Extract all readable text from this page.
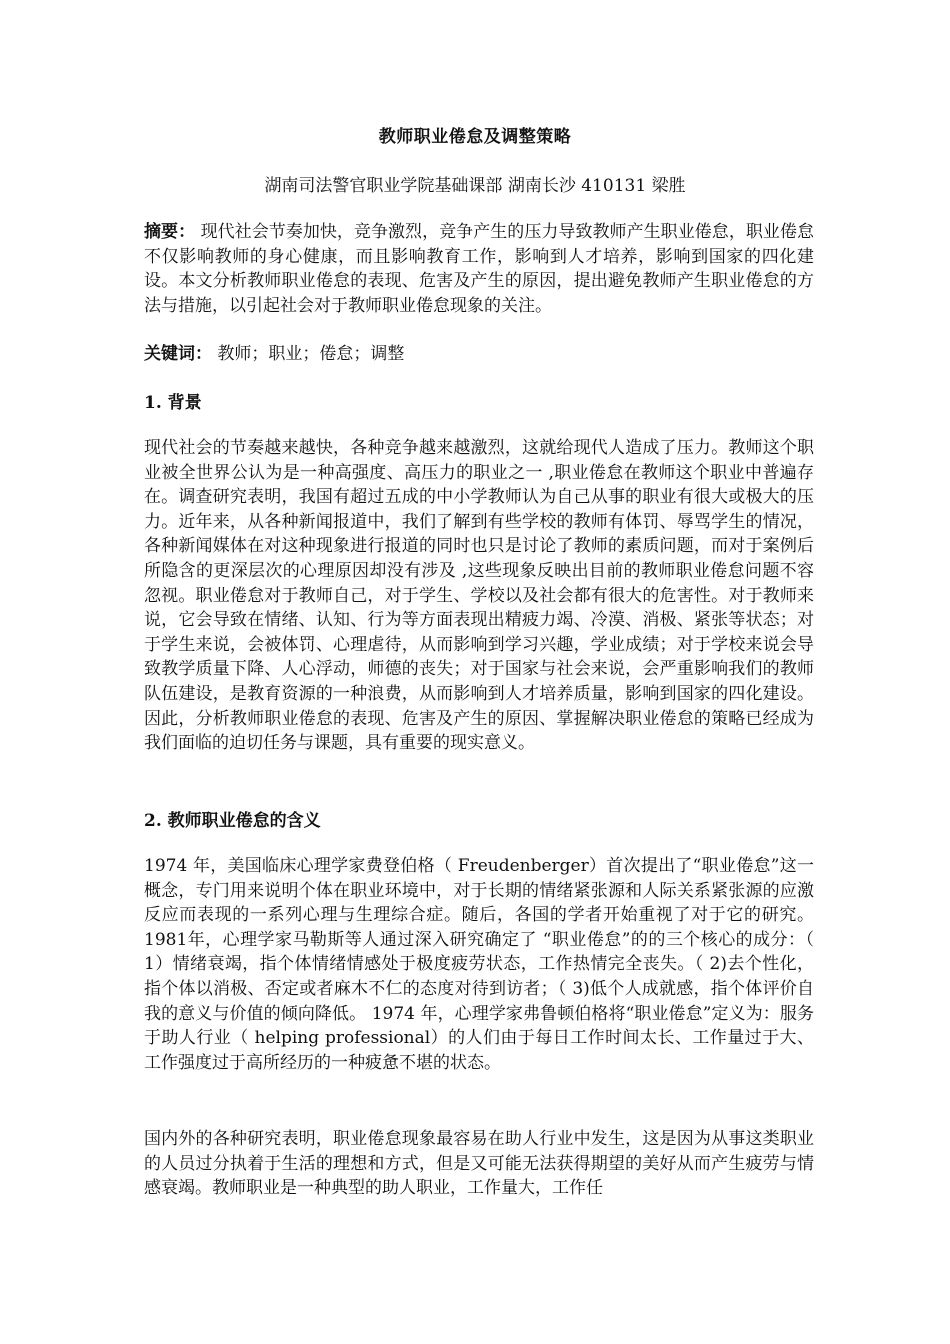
教师职业倦怠及调整策略
湖南司法警官职业学院基础课部 湖南长沙 410131 梁胜
摘要： 现代社会节奏加快，竞争激烈，竞争产生的压力导致教师产生职业倦怠，职业倦怠不仅影响教师的身心健康，而且影响教育工作，影响到人才培养，影响到国家的四化建设。本文分析教师职业倦怠的表现、危害及产生的原因，提出避免教师产生职业倦怠的方法与措施，以引起社会对于教师职业倦怠现象的关注。
关键词： 教师；职业；倦怠；调整
1. 背景
现代社会的节奏越来越快，各种竞争越来越激烈，这就给现代人造成了压力。教师这个职业被全世界公认为是一种高强度、高压力的职业之一 ,职业倦怠在教师这个职业中普遍存在。调查研究表明，我国有超过五成的中小学教师认为自己从事的职业有很大或极大的压力。近年来，从各种新闻报道中，我们了解到有些学校的教师有体罚、辱骂学生的情况，各种新闻媒体在对这种现象进行报道的同时也只是讨论了教师的素质问题，而对于案例后所隐含的更深层次的心理原因却没有涉及 ,这些现象反映出目前的教师职业倦怠问题不容忽视。职业倦怠对于教师自己，对于学生、学校以及社会都有很大的危害性。对于教师来说，它会导致在情绪、认知、行为等方面表现出精疲力竭、冷漠、消极、紧张等状态；对于学生来说，会被体罚、心理虐待，从而影响到学习兴趣，学业成绩；对于学校来说会导致教学质量下降、人心浮动，师德的丧失；对于国家与社会来说，会严重影响我们的教师队伍建设，是教育资源的一种浪费，从而影响到人才培养质量，影响到国家的四化建设。因此，分析教师职业倦怠的表现、危害及产生的原因、掌握解决职业倦怠的策略已经成为我们面临的迫切任务与课题，具有重要的现实意义。
2. 教师职业倦怠的含义
1974 年，美国临床心理学家费登伯格（ Freudenberger）首次提出了“职业倦怠”这一概念，专门用来说明个体在职业环境中，对于长期的情绪紧张源和人际关系紧张源的应激反应而表现的一系列心理与生理综合症。随后，各国的学者开始重视了对于它的研究。 1981年，心理学家马勒斯等人通过深入研究确定了 “职业倦怠”的的三个核心的成分：（ 1）情绪衰竭，指个体情绪情感处于极度疲劳状态，工作热情完全丧失。（ 2)去个性化，指个体以消极、否定或者麻木不仁的态度对待到访者；（ 3)低个人成就感，指个体评价自我的意义与价值的倾向降低。 1974 年，心理学家弗鲁顿伯格将“职业倦怠”定义为：服务于助人行业（ helping professional）的人们由于每日工作时间太长、工作量过于大、工作强度过于高所经历的一种疲惫不堪的状态。
国内外的各种研究表明，职业倦怠现象最容易在助人行业中发生，这是因为从事这类职业的人员过分执着于生活的理想和方式，但是又可能无法获得期望的美好从而产生疲劳与情感衰竭。教师职业是一种典型的助人职业，工作量大，工作任
